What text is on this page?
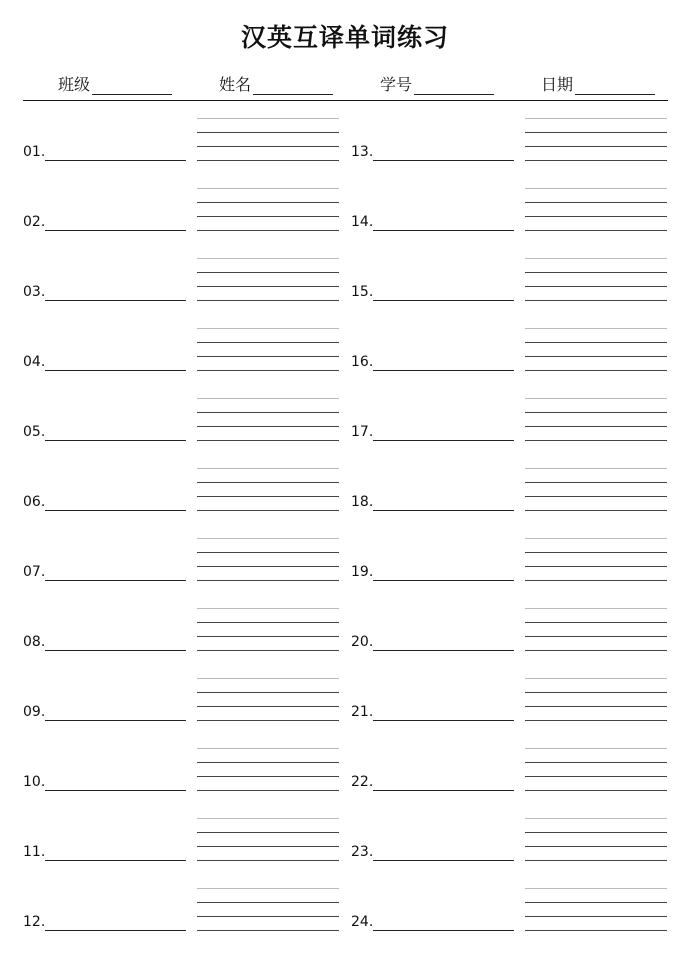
汉英互译单词练习
班级	姓名	学号	日期
01.
02.
03.
04.
05.
06.
07.
08.
09.
10.
11.
12.
13.
14.
15.
16.
17.
18.
19.
20.
21.
22.
23.
24.
